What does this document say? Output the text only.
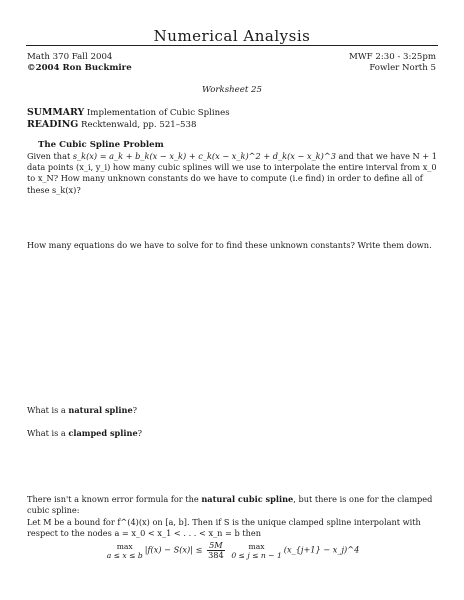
Numerical Analysis
Math 370 Fall 2004
©2004 Ron Buckmire
MWF 2:30 - 3:25pm
Fowler North 5
Worksheet 25
SUMMARY Implementation of Cubic Splines
READING Recktenwald, pp. 521–538
The Cubic Spline Problem
Given that s_k(x) = a_k + b_k(x − x_k) + c_k(x − x_k)^2 + d_k(x − x_k)^3 and that we have N + 1 data points (x_i, y_i) how many cubic splines will we use to interpolate the entire interval from x_0 to x_N? How many unknown constants do we have to compute (i.e find) in order to define all of these s_k(x)?
How many equations do we have to solve for to find these unknown constants? Write them down.
What is a natural spline?
What is a clamped spline?
There isn't a known error formula for the natural cubic spline, but there is one for the clamped cubic spline:
Let M be a bound for f^(4)(x) on [a, b]. Then if S is the unique clamped spline interpolant with respect to the nodes a = x_0 < x_1 < . . . < x_n = b then
max
a ≤ x ≤ b
$|f(x) - S(x)| \le \frac{5M}{384}$
	max
0 ≤ j ≤ n − 1
(x_{j+1} − x_j)^4
